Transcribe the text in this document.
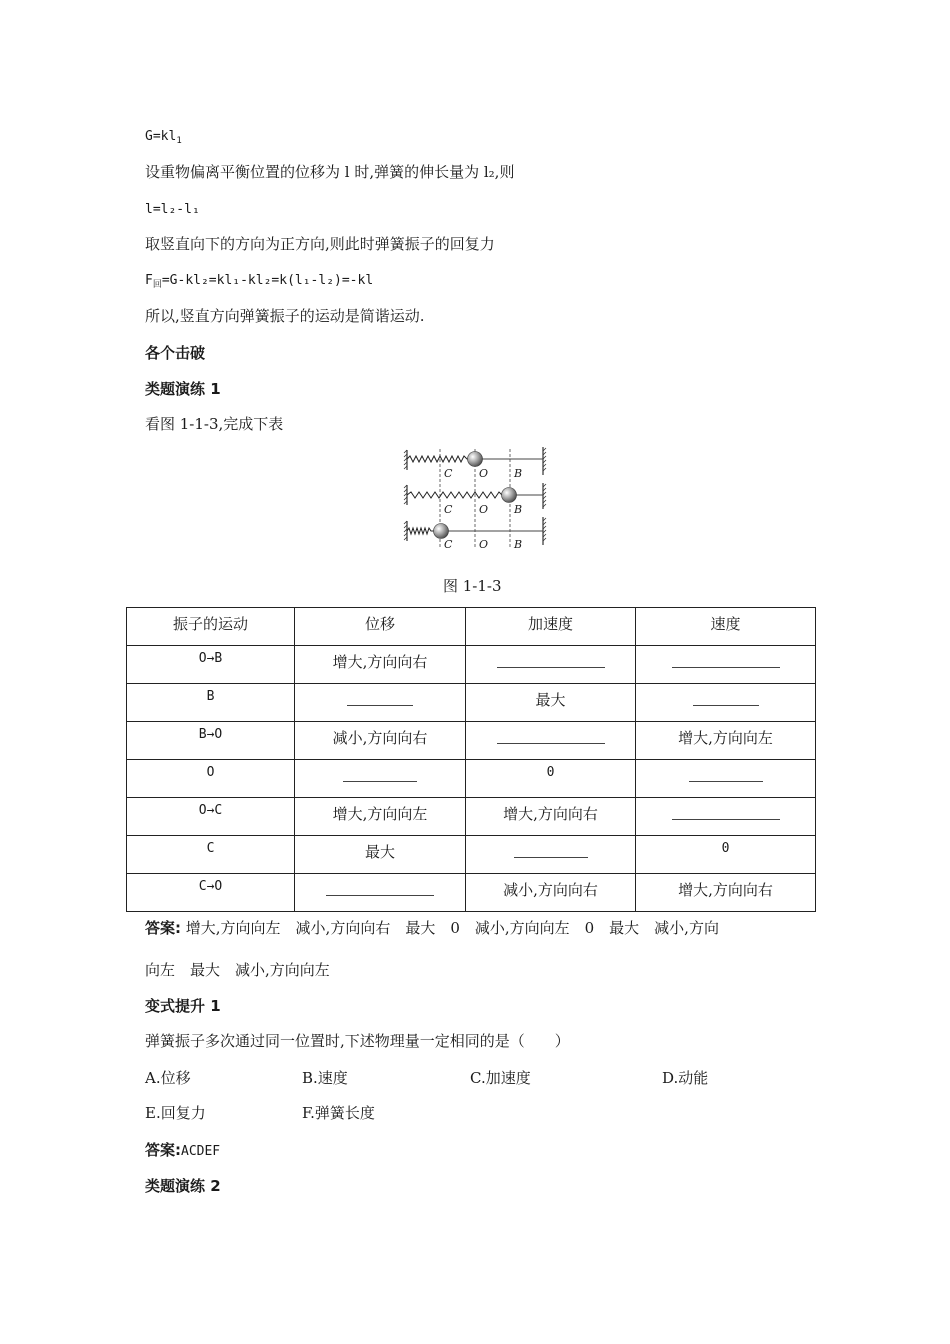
$G=kl_1$
设重物偏离平衡位置的位移为 l 时,弹簧的伸长量为 l₂,则
l=l₂-l₁
取竖直向下的方向为正方向,则此时弹簧振子的回复力
$F_回=G-kl_2=kl_1-kl_2=k(l_1-l_2)=-kl$
所以,竖直方向弹簧振子的运动是简谐运动.
各个击破
类题演练 1
看图 1-1-3,完成下表
C O B
C O B
C O B
图 1-1-3
振子的运动	位移	加速度	速度
O→B	增大,方向向右		
B		最大	
B→O	减小,方向向右		增大,方向向左
O		0	
O→C	增大,方向向左	增大,方向向右	
C	最大		0
C→O		减小,方向向右	增大,方向向右
答案: 增大,方向向左　减小,方向向右　最大　0　减小,方向向左　0　最大　减小,方向
向左　最大　减小,方向向左
变式提升 1
弹簧振子多次通过同一位置时,下述物理量一定相同的是（　　）
A.位移	B.速度	C.加速度	D.动能
E.回复力	F.弹簧长度
答案:ACDEF
类题演练 2
